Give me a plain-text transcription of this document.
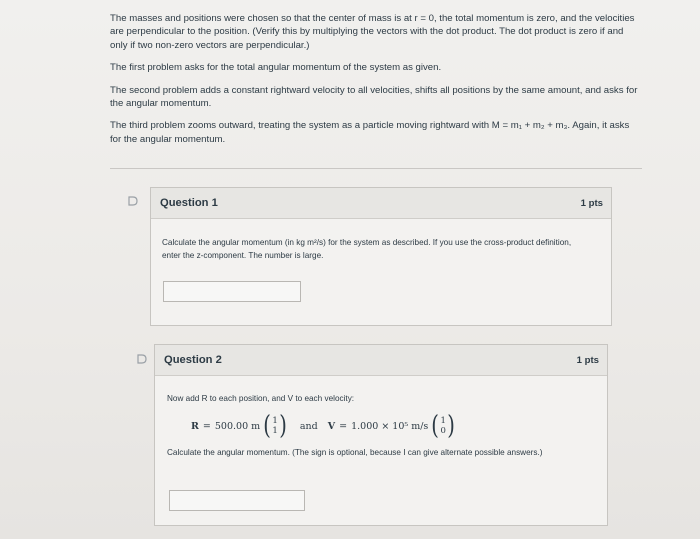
The masses and positions were chosen so that the center of mass is at r = 0, the total momentum is zero, and the velocities are perpendicular to the position. (Verify this by multiplying the vectors with the dot product. The dot product is zero if and only if two non-zero vectors are perpendicular.)

The first problem asks for the total angular momentum of the system as given.

The second problem adds a constant rightward velocity to all velocities, shifts all positions by the same amount, and asks for the angular momentum.

The third problem zooms outward, treating the system as a particle moving rightward with M = m₁ + m₂ + m₃. Again, it asks for the angular momentum.

Question 1	1 pts
Calculate the angular momentum (in kg m²/s) for the system as described. If you use the cross-product definition, enter the z-component. The number is large.
Question 2	1 pts
Now add R to each position, and V to each velocity:
R = 500.00 m ( 1
1 ) and V = 1.000 × 10⁵ m/s ( 1
0 )
Calculate the angular momentum. (The sign is optional, because I can give alternate possible answers.)
